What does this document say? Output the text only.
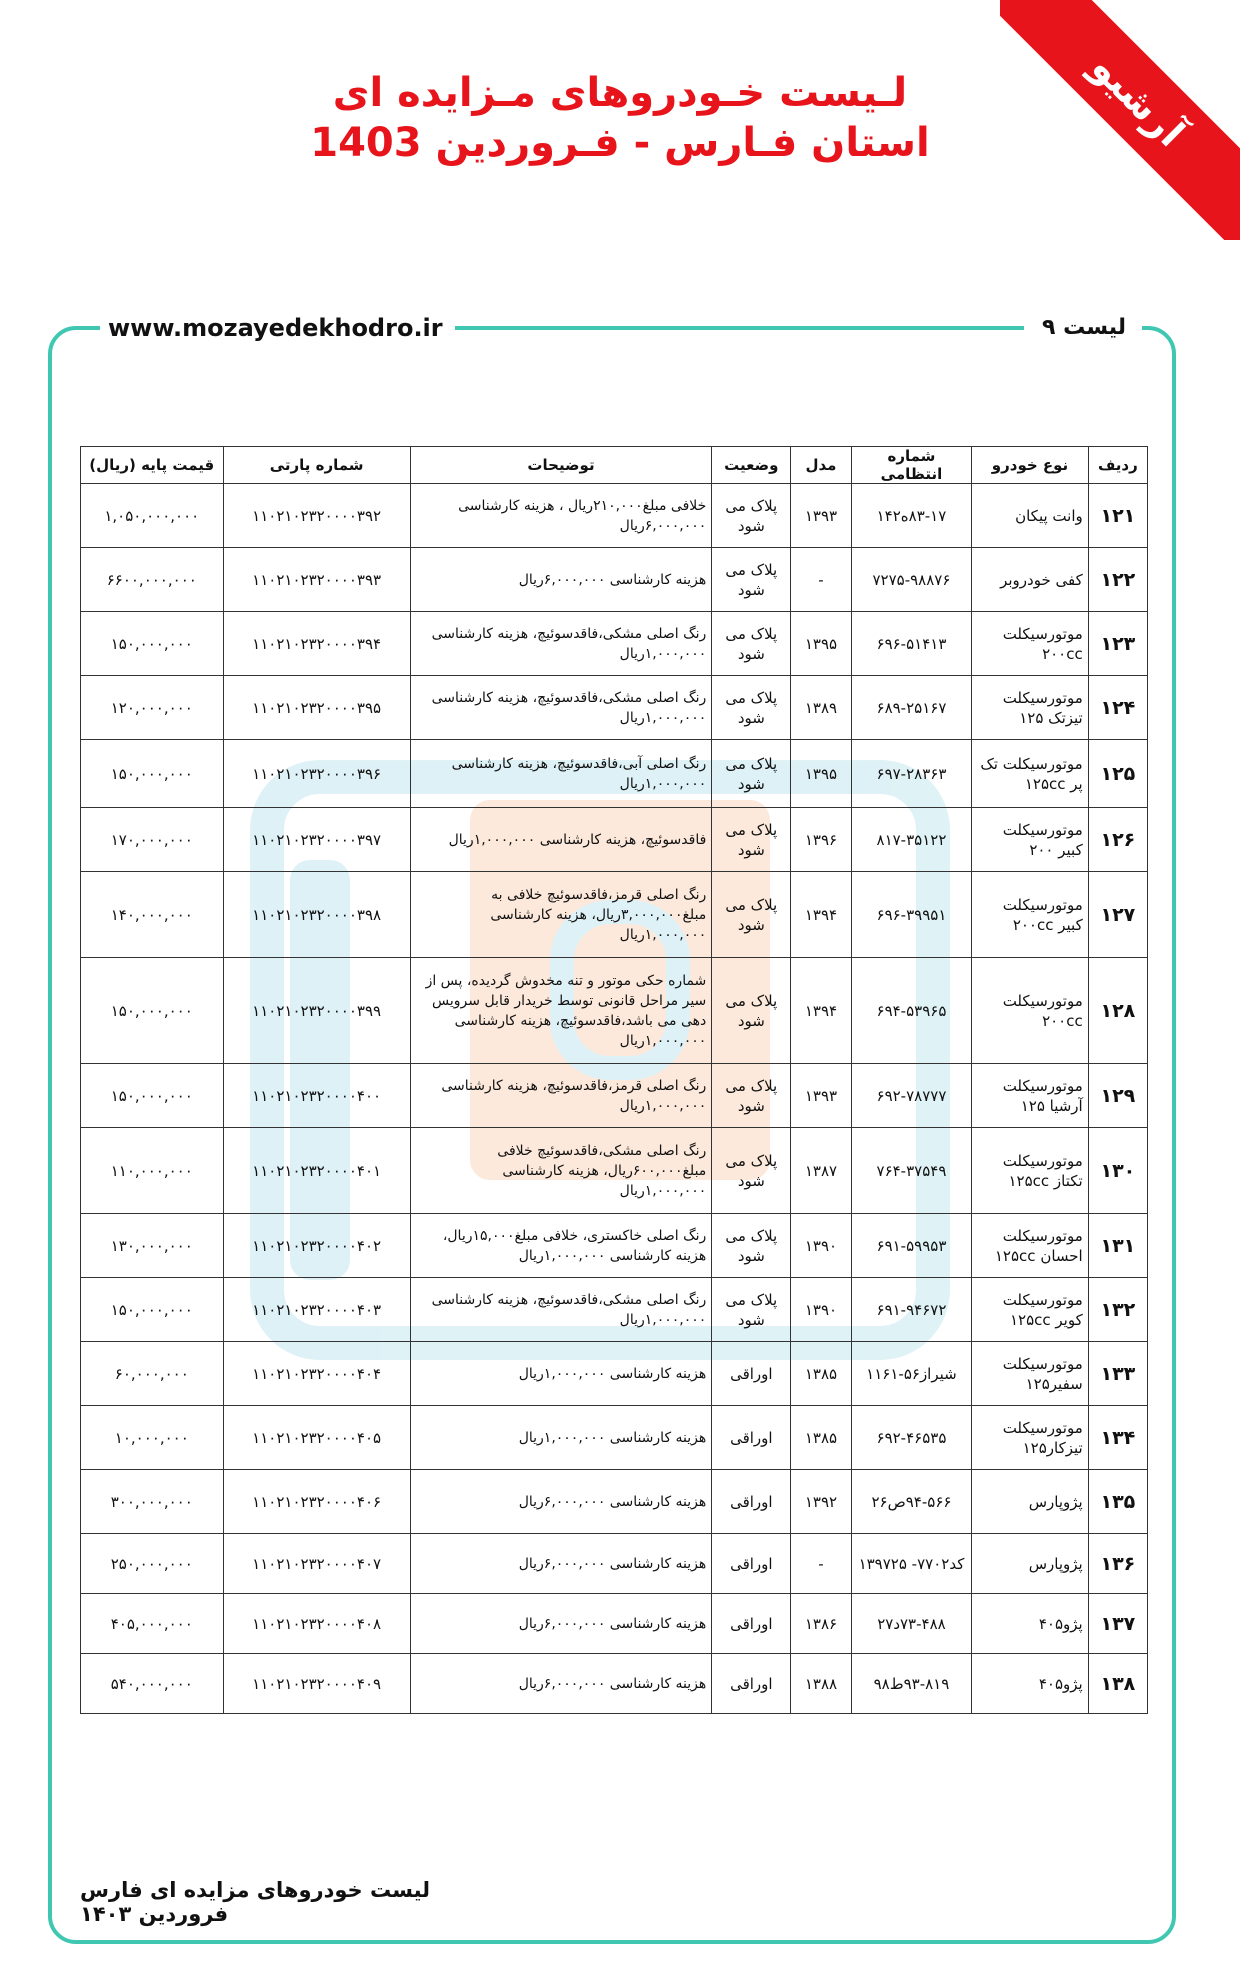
آرشیو
لـیست خـودروهای مـزایده ای
استان فـارس - فـروردین 1403
www.mozayedekhodro.ir	لیست ۹
ردیف	نوع خودرو	شماره انتظامی	مدل	وضعیت	توضیحات	شماره پارتی	قیمت پایه (ریال)
۱۲۱	وانت پیکان	۸۳-۱۷ه۱۴۲	۱۳۹۳	پلاک می شود	خلافی مبلغ۲۱۰,۰۰۰ریال ، هزینه کارشناسی ۶,۰۰۰,۰۰۰ریال	۱۱۰۲۱۰۲۳۲۰۰۰۰۳۹۲	۱,۰۵۰,۰۰۰,۰۰۰
۱۲۲	کفی خودروبر	۷۲۷۵-۹۸۸۷۶	-	پلاک می شود	هزینه کارشناسی ۶,۰۰۰,۰۰۰ریال	۱۱۰۲۱۰۲۳۲۰۰۰۰۳۹۳	۶۶۰۰,۰۰۰,۰۰۰
۱۲۳	موتورسیکلت ۲۰۰cc	۶۹۶-۵۱۴۱۳	۱۳۹۵	پلاک می شود	رنگ اصلی مشکی،فاقدسوئیچ، هزینه کارشناسی ۱,۰۰۰,۰۰۰ریال	۱۱۰۲۱۰۲۳۲۰۰۰۰۳۹۴	۱۵۰,۰۰۰,۰۰۰
۱۲۴	موتورسیکلت تیزتک ۱۲۵	۶۸۹-۲۵۱۶۷	۱۳۸۹	پلاک می شود	رنگ اصلی مشکی،فاقدسوئیچ، هزینه کارشناسی ۱,۰۰۰,۰۰۰ریال	۱۱۰۲۱۰۲۳۲۰۰۰۰۳۹۵	۱۲۰,۰۰۰,۰۰۰
۱۲۵	موتورسیکلت تک پر ۱۲۵cc	۶۹۷-۲۸۳۶۳	۱۳۹۵	پلاک می شود	رنگ اصلی آبی،فاقدسوئیچ، هزینه کارشناسی ۱,۰۰۰,۰۰۰ریال	۱۱۰۲۱۰۲۳۲۰۰۰۰۳۹۶	۱۵۰,۰۰۰,۰۰۰
۱۲۶	موتورسیکلت کبیر ۲۰۰	۸۱۷-۳۵۱۲۲	۱۳۹۶	پلاک می شود	فاقدسوئیچ، هزینه کارشناسی ۱,۰۰۰,۰۰۰ریال	۱۱۰۲۱۰۲۳۲۰۰۰۰۳۹۷	۱۷۰,۰۰۰,۰۰۰
۱۲۷	موتورسیکلت کبیر ۲۰۰cc	۶۹۶-۳۹۹۵۱	۱۳۹۴	پلاک می شود	رنگ اصلی قرمز،فاقدسوئیچ خلافی به مبلغ۳,۰۰۰,۰۰۰ریال، هزینه کارشناسی ۱,۰۰۰,۰۰۰ریال	۱۱۰۲۱۰۲۳۲۰۰۰۰۳۹۸	۱۴۰,۰۰۰,۰۰۰
۱۲۸	موتورسیکلت ۲۰۰cc	۶۹۴-۵۳۹۶۵	۱۳۹۴	پلاک می شود	شماره حکی موتور و تنه مخدوش گردیده، پس از سیر مراحل قانونی توسط خریدار قابل سرویس دهی می باشد،فاقدسوئیچ، هزینه کارشناسی ۱,۰۰۰,۰۰۰ریال	۱۱۰۲۱۰۲۳۲۰۰۰۰۳۹۹	۱۵۰,۰۰۰,۰۰۰
۱۲۹	موتورسیکلت آرشیا ۱۲۵	۶۹۲-۷۸۷۷۷	۱۳۹۳	پلاک می شود	رنگ اصلی قرمز،فاقدسوئیچ، هزینه کارشناسی ۱,۰۰۰,۰۰۰ریال	۱۱۰۲۱۰۲۳۲۰۰۰۰۴۰۰	۱۵۰,۰۰۰,۰۰۰
۱۳۰	موتورسیکلت تکتاز ۱۲۵cc	۷۶۴-۳۷۵۴۹	۱۳۸۷	پلاک می شود	رنگ اصلی مشکی،فاقدسوئیچ خلافی مبلغ۶۰۰,۰۰۰ریال، هزینه کارشناسی ۱,۰۰۰,۰۰۰ریال	۱۱۰۲۱۰۲۳۲۰۰۰۰۴۰۱	۱۱۰,۰۰۰,۰۰۰
۱۳۱	موتورسیکلت احسان ۱۲۵cc	۶۹۱-۵۹۹۵۳	۱۳۹۰	پلاک می شود	رنگ اصلی خاکستری، خلافی مبلغ۱۵,۰۰۰ریال، هزینه کارشناسی ۱,۰۰۰,۰۰۰ریال	۱۱۰۲۱۰۲۳۲۰۰۰۰۴۰۲	۱۳۰,۰۰۰,۰۰۰
۱۳۲	موتورسیکلت کویر ۱۲۵cc	۶۹۱-۹۴۶۷۲	۱۳۹۰	پلاک می شود	رنگ اصلی مشکی،فاقدسوئیچ، هزینه کارشناسی ۱,۰۰۰,۰۰۰ریال	۱۱۰۲۱۰۲۳۲۰۰۰۰۴۰۳	۱۵۰,۰۰۰,۰۰۰
۱۳۳	موتورسیکلت سفیر۱۲۵	شیراز۵۶-۱۱۶۱	۱۳۸۵	اوراقی	هزینه کارشناسی ۱,۰۰۰,۰۰۰ریال	۱۱۰۲۱۰۲۳۲۰۰۰۰۴۰۴	۶۰,۰۰۰,۰۰۰
۱۳۴	موتورسیکلت تیزکار۱۲۵	۶۹۲-۴۶۵۳۵	۱۳۸۵	اوراقی	هزینه کارشناسی ۱,۰۰۰,۰۰۰ریال	۱۱۰۲۱۰۲۳۲۰۰۰۰۴۰۵	۱۰,۰۰۰,۰۰۰
۱۳۵	پژوپارس	۹۴-۵۶۶ص۲۶	۱۳۹۲	اوراقی	هزینه کارشناسی ۶,۰۰۰,۰۰۰ریال	۱۱۰۲۱۰۲۳۲۰۰۰۰۴۰۶	۳۰۰,۰۰۰,۰۰۰
۱۳۶	پژوپارس	کد۷۷۰۲- ۱۳۹۷۲۵	-	اوراقی	هزینه کارشناسی ۶,۰۰۰,۰۰۰ریال	۱۱۰۲۱۰۲۳۲۰۰۰۰۴۰۷	۲۵۰,۰۰۰,۰۰۰
۱۳۷	پژو۴۰۵	۷۳-۴۸۸د۲۷	۱۳۸۶	اوراقی	هزینه کارشناسی ۶,۰۰۰,۰۰۰ریال	۱۱۰۲۱۰۲۳۲۰۰۰۰۴۰۸	۴۰۵,۰۰۰,۰۰۰
۱۳۸	پژو۴۰۵	۹۳-۸۱۹ط۹۸	۱۳۸۸	اوراقی	هزینه کارشناسی ۶,۰۰۰,۰۰۰ریال	۱۱۰۲۱۰۲۳۲۰۰۰۰۴۰۹	۵۴۰,۰۰۰,۰۰۰
لیست خودروهای مزایده ای فارس فروردین ۱۴۰۳
